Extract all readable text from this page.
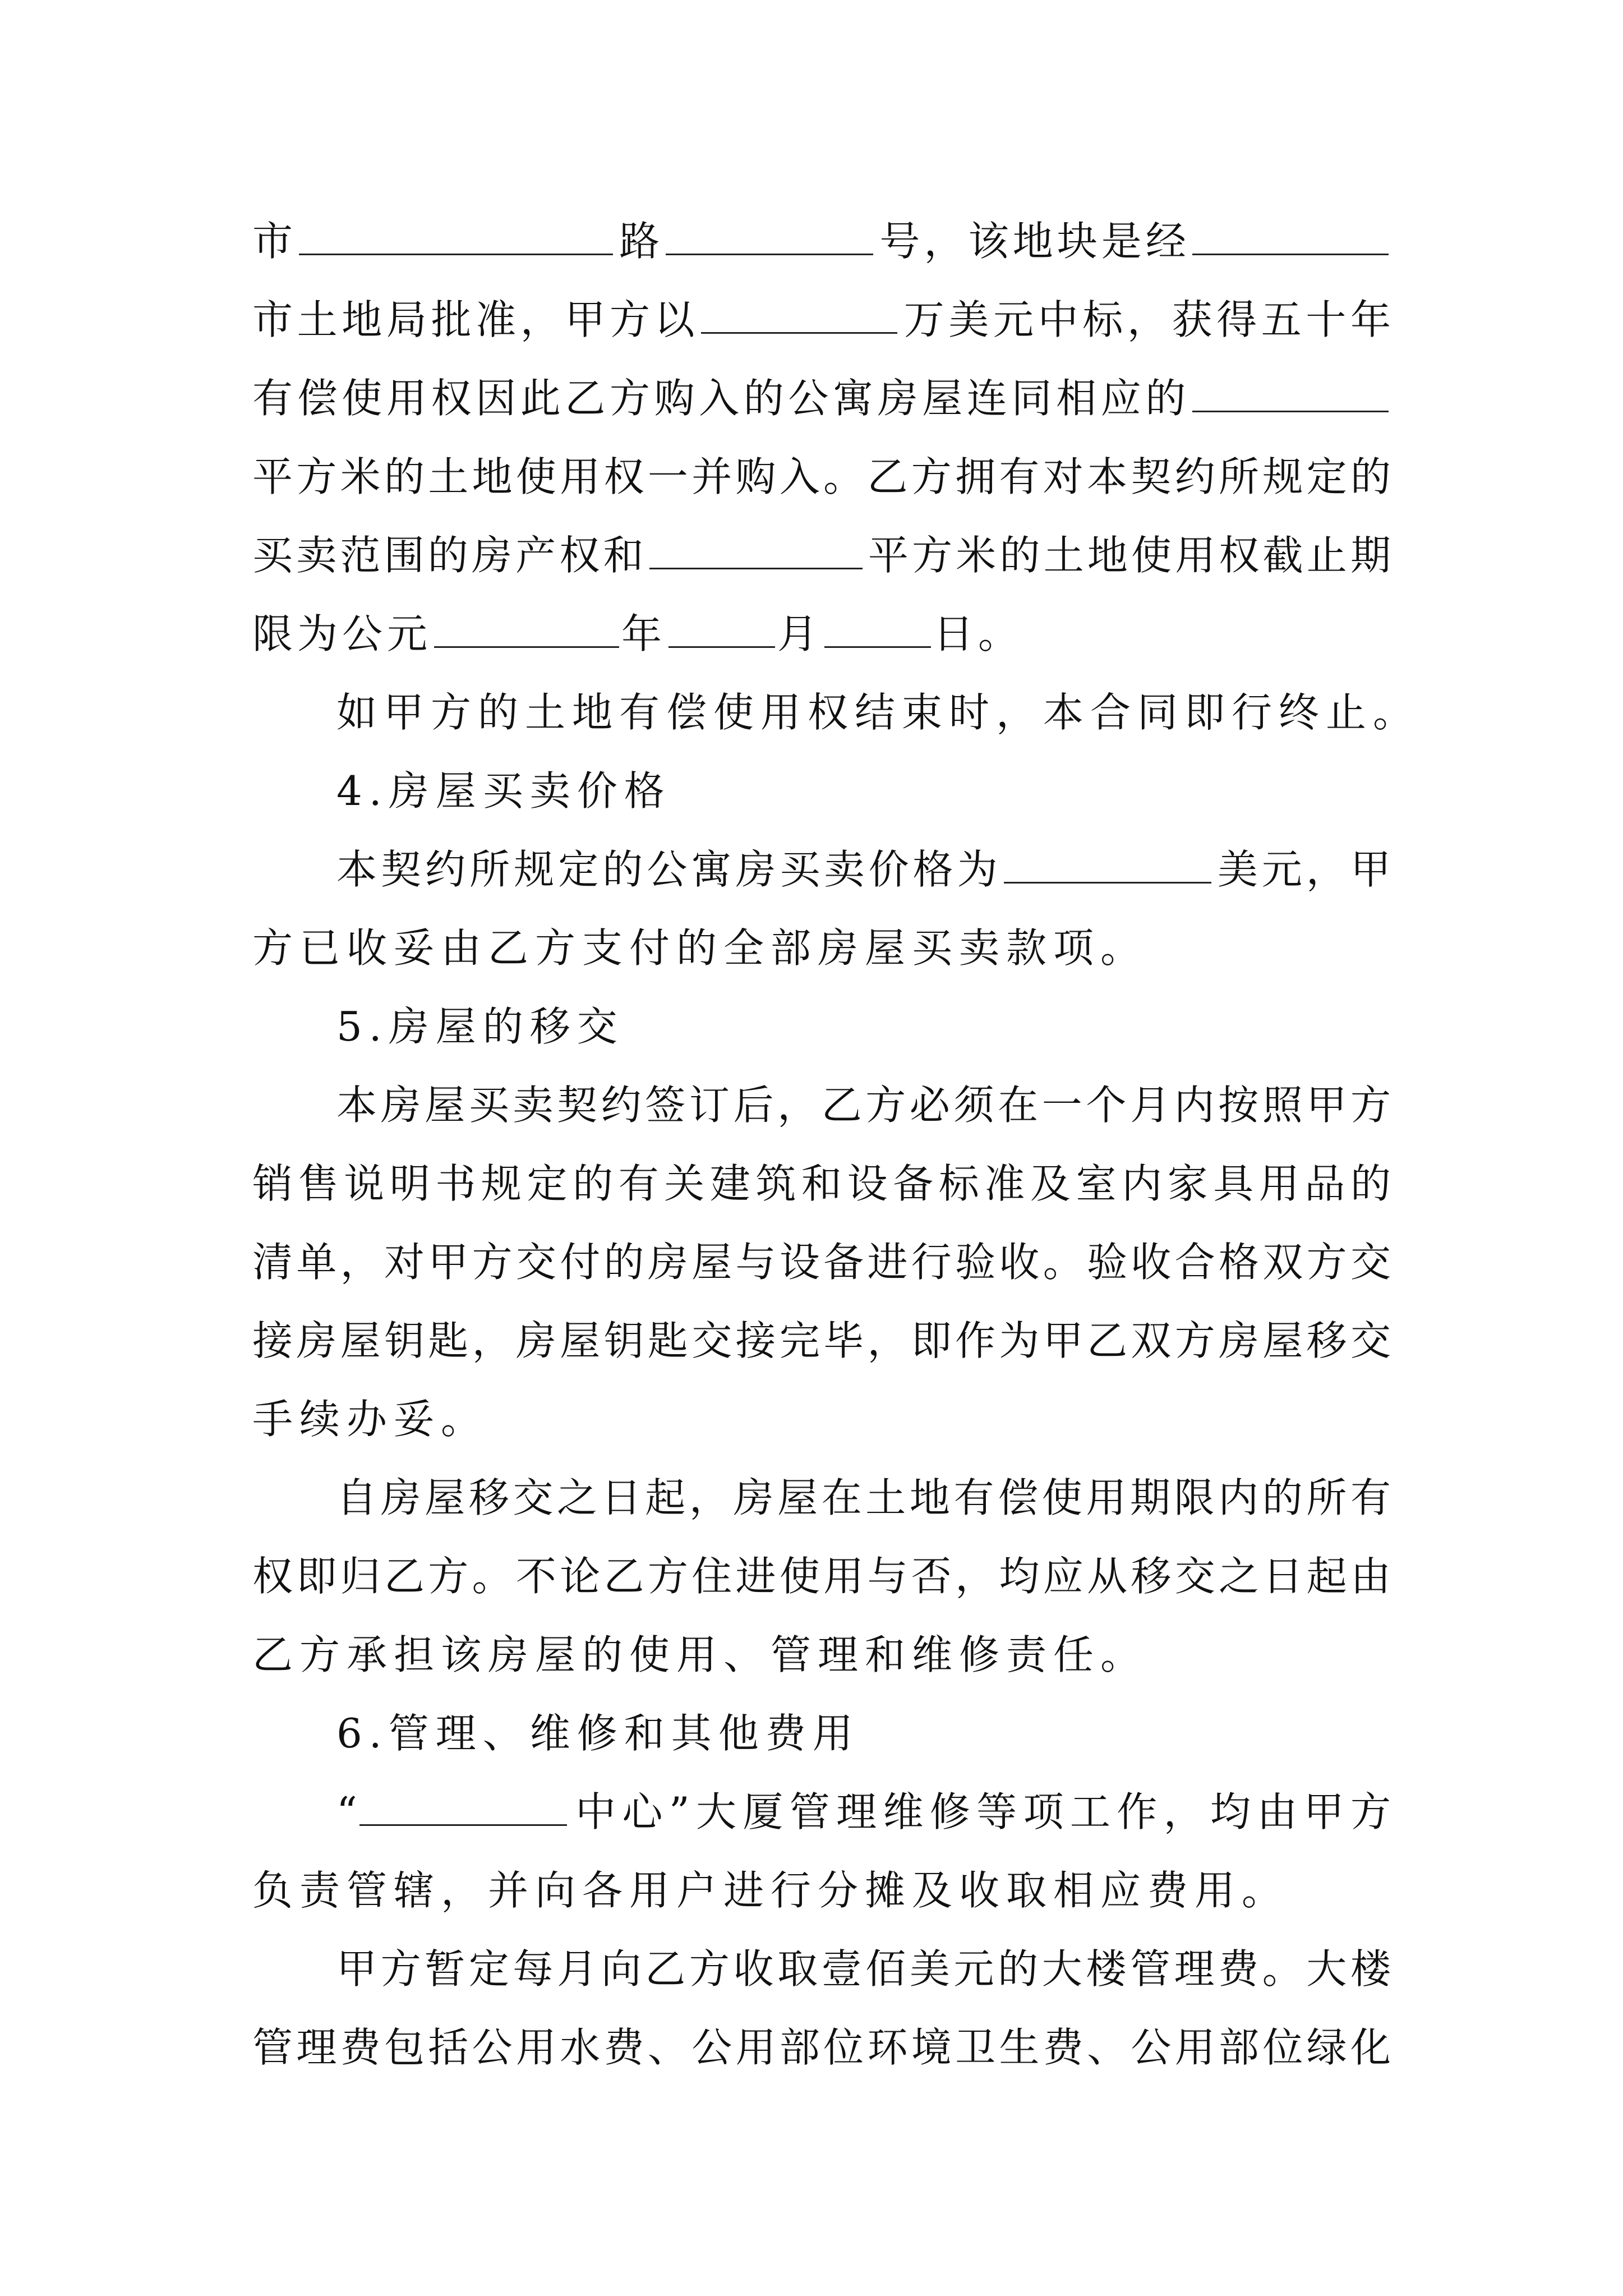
市	路	号，该地块是经
市土地局批准，甲方以	万美元中标，获得五十年
有偿使用权因此乙方购入的公寓房屋连同相应的
平方米的土地使用权一并购入。乙方拥有对本契约所规定的
买卖范围的房产权和	平方米的土地使用权截止期
限为公元	年	月	日。
如甲方的土地有偿使用权结束时，本合同即行终止。
4.房屋买卖价格
本契约所规定的公寓房买卖价格为	美元，甲
方已收妥由乙方支付的全部房屋买卖款项。
5.房屋的移交
本房屋买卖契约签订后，乙方必须在一个月内按照甲方
销售说明书规定的有关建筑和设备标准及室内家具用品的
清单，对甲方交付的房屋与设备进行验收。验收合格双方交
接房屋钥匙，房屋钥匙交接完毕，即作为甲乙双方房屋移交
手续办妥。
自房屋移交之日起，房屋在土地有偿使用期限内的所有
权即归乙方。不论乙方住进使用与否，均应从移交之日起由
乙方承担该房屋的使用、管理和维修责任。
6.管理、维修和其他费用
“	中心”大厦管理维修等项工作，均由甲方
负责管辖，并向各用户进行分摊及收取相应费用。
甲方暂定每月向乙方收取壹佰美元的大楼管理费。大楼
管理费包括公用水费、公用部位环境卫生费、公用部位绿化
